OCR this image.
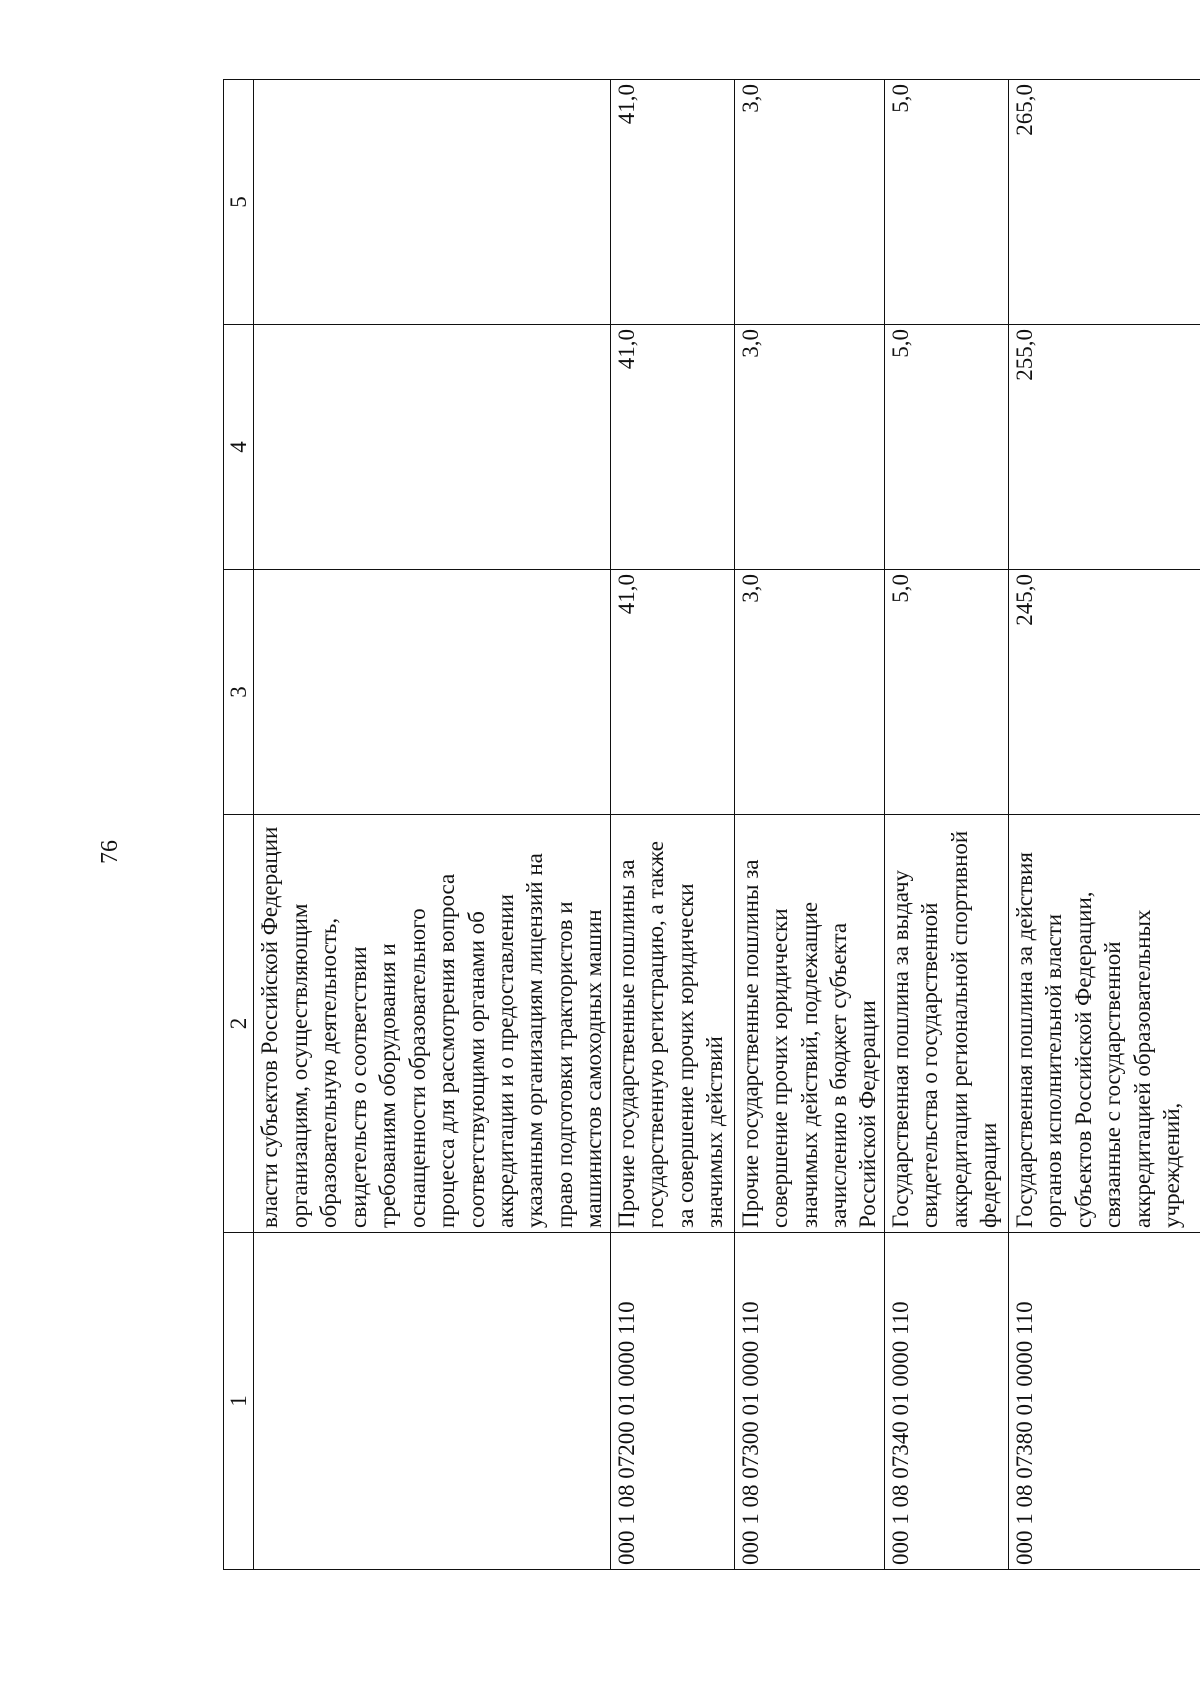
76
1	2	3	4	5
	власти субъектов Российской Федерации организациям, осуществляющим образовательную деятельность, свидетельств о соответствии требованиям оборудования и оснащенности образовательного процесса для рассмотрения вопроса соответствующими органами об аккредитации и о предоставлении указанным организациям лицензий на право подготовки трактористов и машинистов самоходных машин			
000 1 08 07200 01 0000 110	Прочие государственные пошлины за государственную регистрацию, а также за совершение прочих юридически значимых действий	41,0	41,0	41,0
000 1 08 07300 01 0000 110	Прочие государственные пошлины за совершение прочих юридически значимых действий, подлежащие зачислению в бюджет субъекта Российской Федерации	3,0	3,0	3,0
000 1 08 07340 01 0000 110	Государственная пошлина за выдачу свидетельства о государственной аккредитации региональной спортивной федерации	5,0	5,0	5,0
000 1 08 07380 01 0000 110	Государственная пошлина за действия органов исполнительной власти субъектов Российской Федерации, связанные с государственной аккредитацией образовательных учреждений,	245,0	255,0	265,0
